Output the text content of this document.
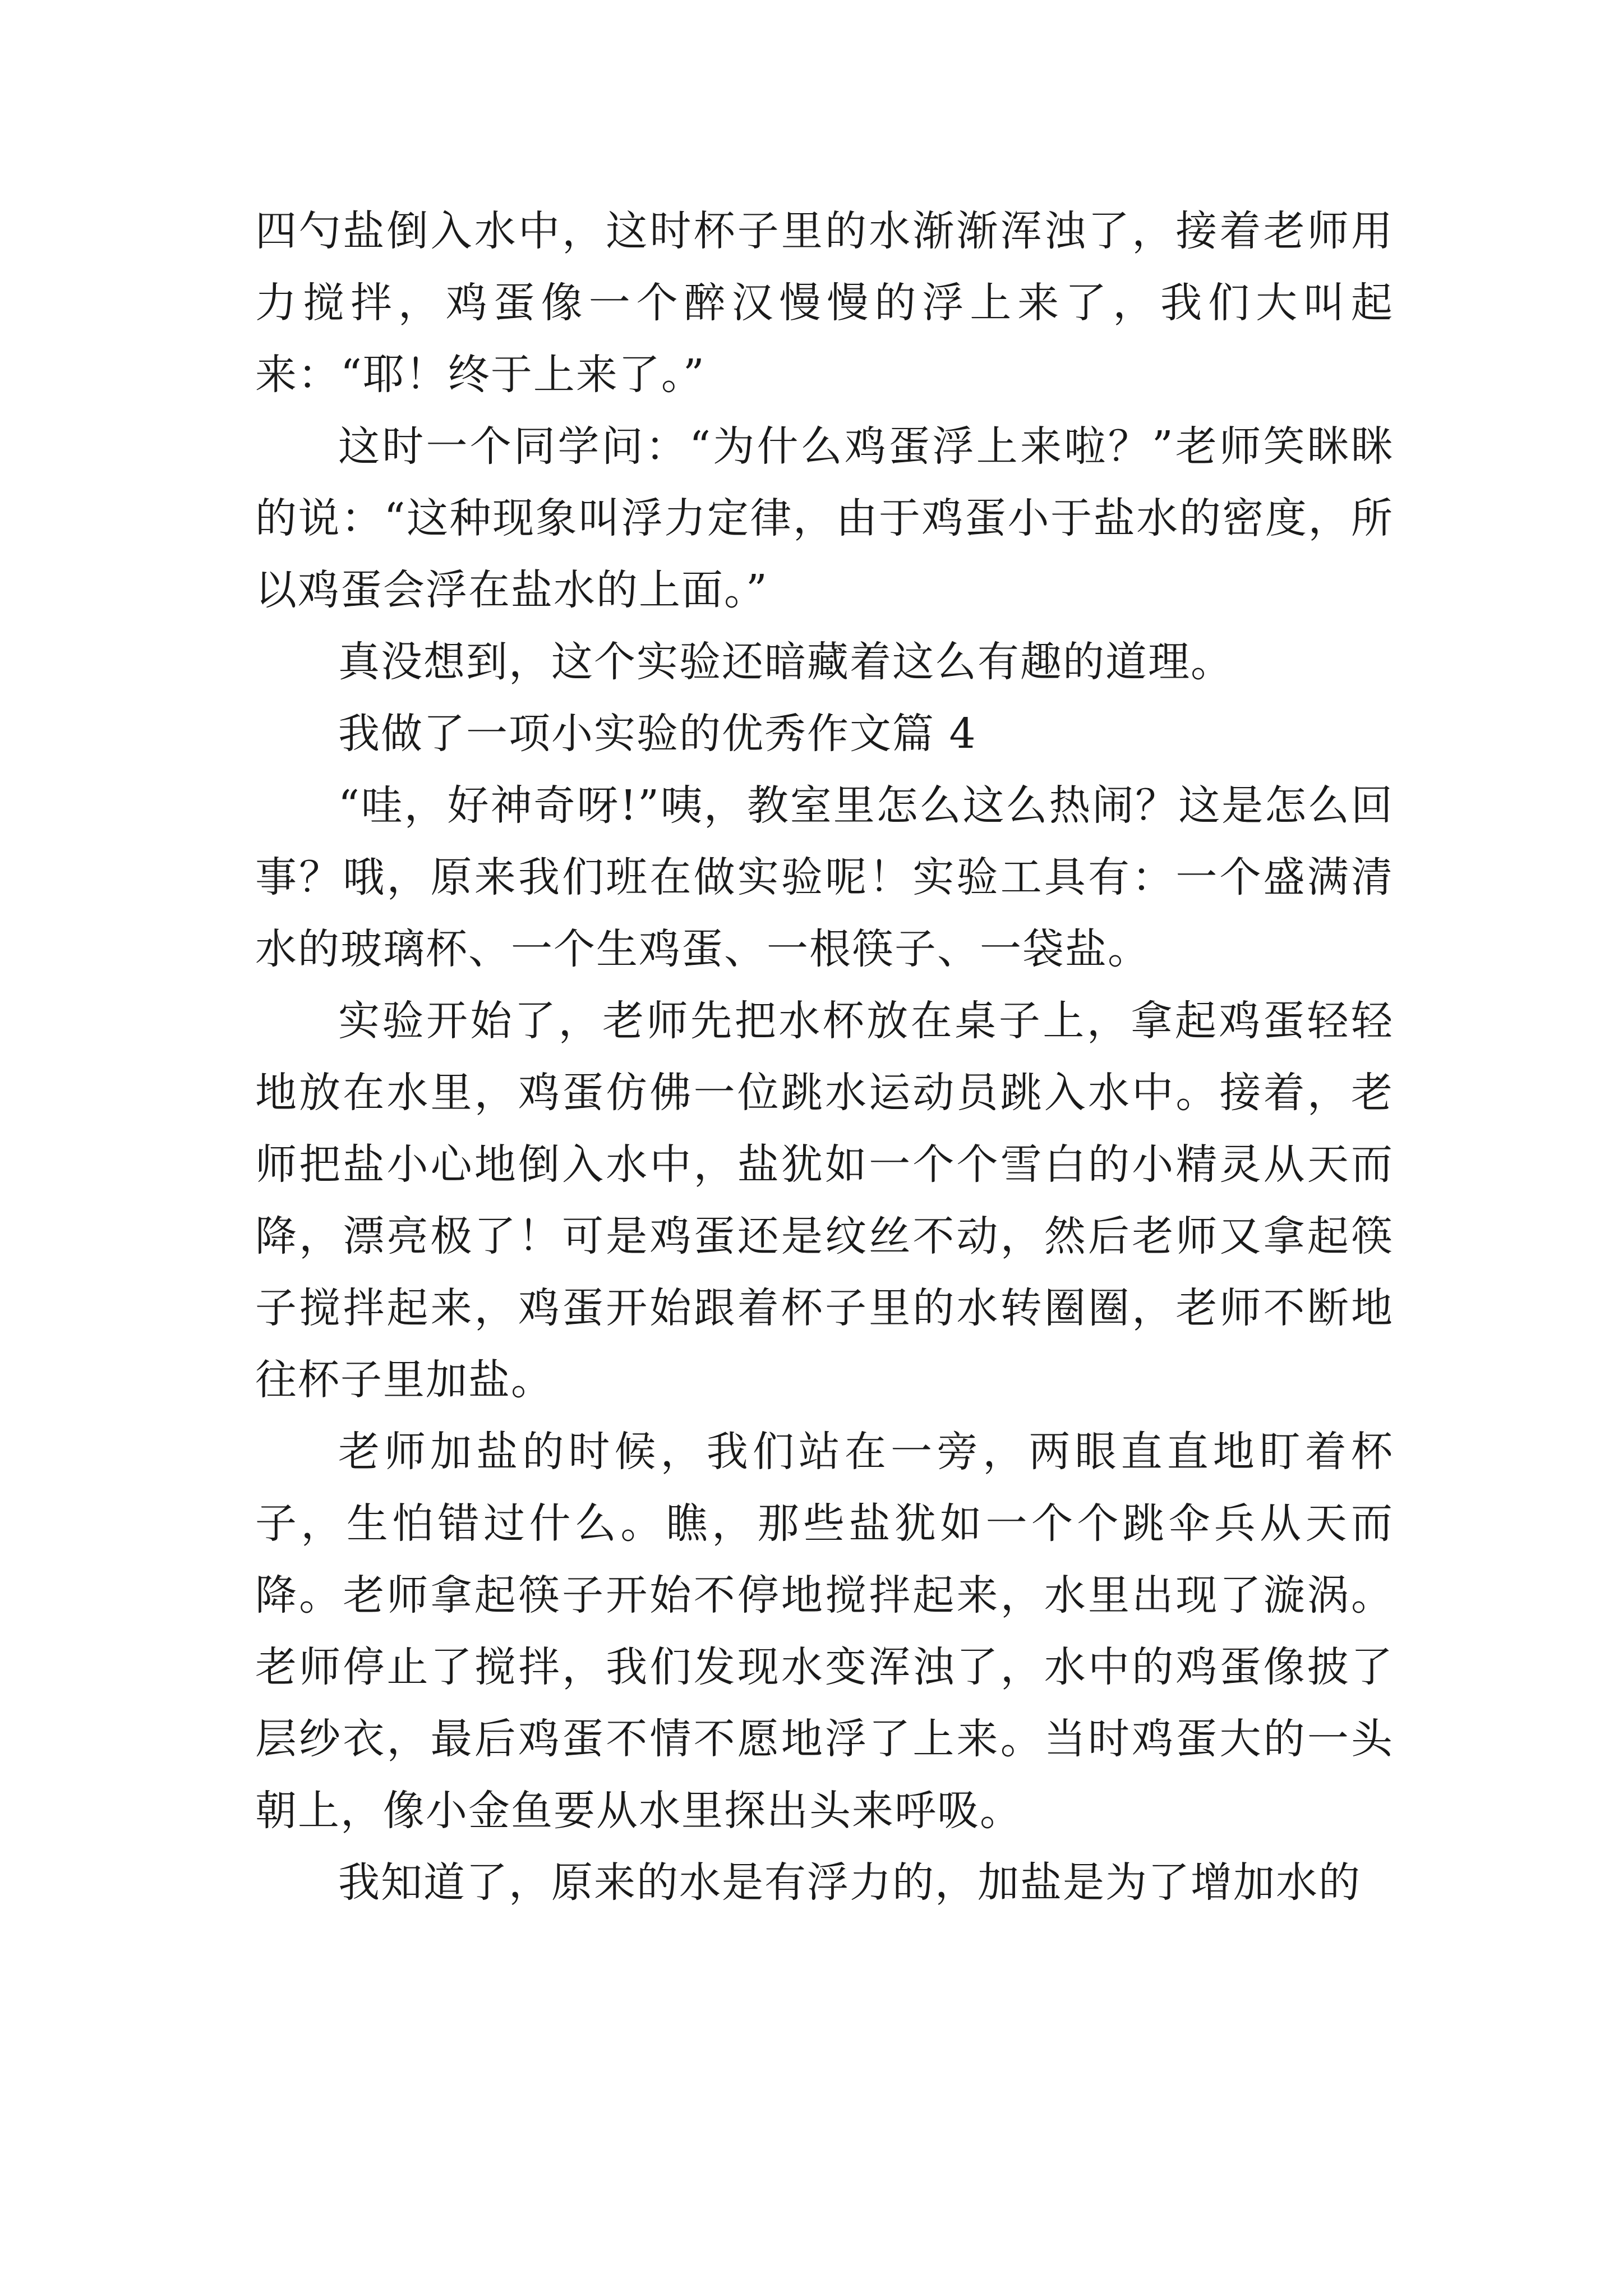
四勺盐倒入水中，这时杯子里的水渐渐浑浊了，接着老师用力搅拌，鸡蛋像一个醉汉慢慢的浮上来了，我们大叫起来：“耶！终于上来了。”

这时一个同学问：“为什么鸡蛋浮上来啦？”老师笑眯眯的说：“这种现象叫浮力定律，由于鸡蛋小于盐水的密度，所以鸡蛋会浮在盐水的上面。”

真没想到，这个实验还暗藏着这么有趣的道理。

我做了一项小实验的优秀作文篇 4

“哇，好神奇呀!”咦，教室里怎么这么热闹？这是怎么回事？哦，原来我们班在做实验呢！实验工具有：一个盛满清水的玻璃杯、一个生鸡蛋、一根筷子、一袋盐。

实验开始了，老师先把水杯放在桌子上，拿起鸡蛋轻轻地放在水里，鸡蛋仿佛一位跳水运动员跳入水中。接着，老师把盐小心地倒入水中，盐犹如一个个雪白的小精灵从天而降，漂亮极了！可是鸡蛋还是纹丝不动，然后老师又拿起筷子搅拌起来，鸡蛋开始跟着杯子里的水转圈圈，老师不断地往杯子里加盐。

老师加盐的时候，我们站在一旁，两眼直直地盯着杯子，生怕错过什么。瞧，那些盐犹如一个个跳伞兵从天而降。老师拿起筷子开始不停地搅拌起来，水里出现了漩涡。老师停止了搅拌，我们发现水变浑浊了，水中的鸡蛋像披了层纱衣，最后鸡蛋不情不愿地浮了上来。当时鸡蛋大的一头朝上，像小金鱼要从水里探出头来呼吸。

我知道了，原来的水是有浮力的，加盐是为了增加水的
